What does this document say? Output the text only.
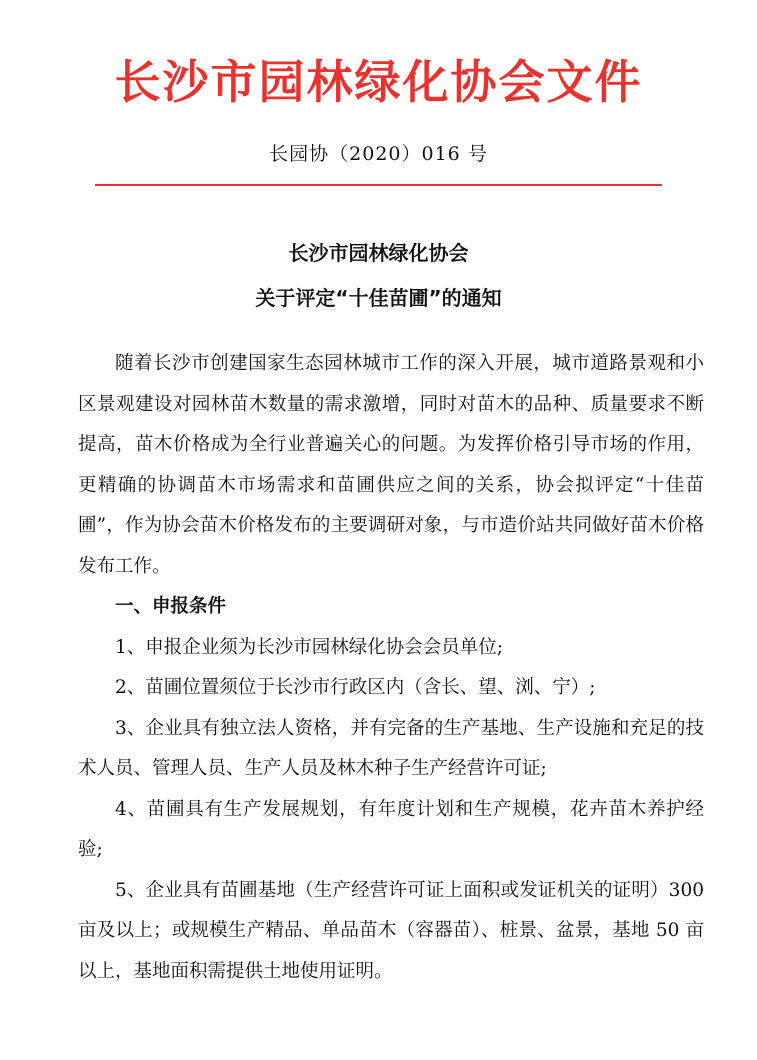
长沙市园林绿化协会文件
长园协（2020）016 号
长沙市园林绿化协会
关于评定“十佳苗圃”的通知

随着长沙市创建国家生态园林城市工作的深入开展，城市道路景观和小区景观建设对园林苗木数量的需求激增，同时对苗木的品种、质量要求不断提高，苗木价格成为全行业普遍关心的问题。为发挥价格引导市场的作用，更精确的协调苗木市场需求和苗圃供应之间的关系，协会拟评定“十佳苗圃”，作为协会苗木价格发布的主要调研对象，与市造价站共同做好苗木价格发布工作。

一、申报条件

1、申报企业须为长沙市园林绿化协会会员单位;

2、苗圃位置须位于长沙市行政区内（含长、望、浏、宁）;

3、企业具有独立法人资格，并有完备的生产基地、生产设施和充足的技术人员、管理人员、生产人员及林木种子生产经营许可证;

4、苗圃具有生产发展规划，有年度计划和生产规模，花卉苗木养护经验;

5、企业具有苗圃基地（生产经营许可证上面积或发证机关的证明）300 亩及以上；或规模生产精品、单品苗木（容器苗）、桩景、盆景，基地 50 亩以上，基地面积需提供土地使用证明。
